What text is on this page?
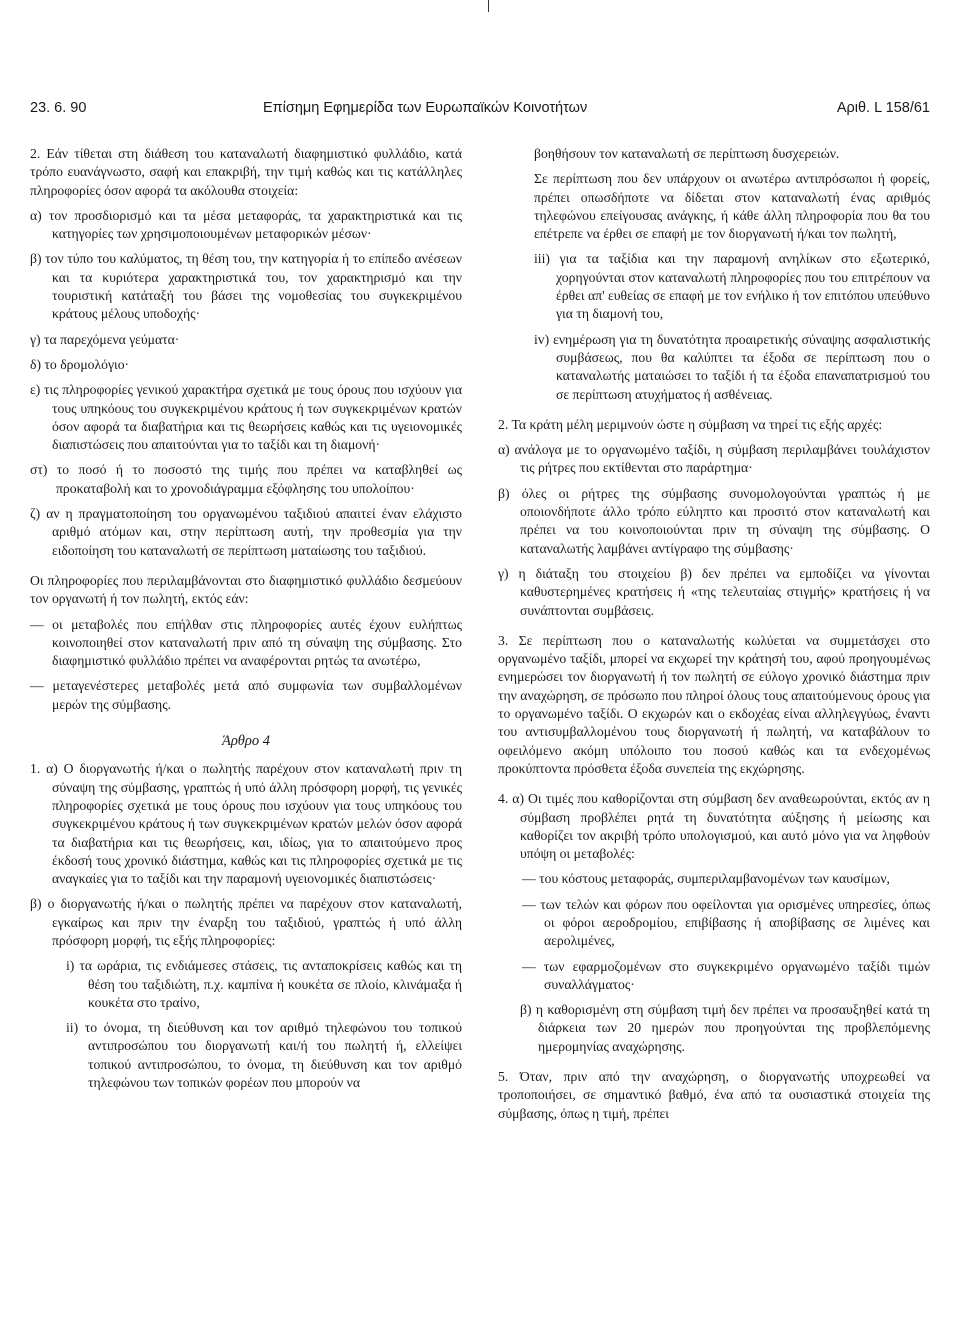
23. 6. 90	Επίσημη Εφημερίδα των Ευρωπαϊκών Κοινοτήτων	Αριθ. L 158/61

2. Εάν τίθεται στη διάθεση του καταναλωτή διαφημιστικό φυλλάδιο, κατά τρόπο ευανάγνωστο, σαφή και επακριβή, την τιμή καθώς και τις κατάλληλες πληροφορίες όσον αφορά τα ακόλουθα στοιχεία:

α) τον προσδιορισμό και τα μέσα μεταφοράς, τα χαρακτηριστικά και τις κατηγορίες των χρησιμοποιουμένων μεταφορικών μέσων·

β) τον τύπο του καλύματος, τη θέση του, την κατηγορία ή το επίπεδο ανέσεων και τα κυριότερα χαρακτηριστικά του, τον χαρακτηρισμό και την τουριστική κατάταξή του βάσει της νομοθεσίας του συγκεκριμένου κράτους μέλους υποδοχής·

γ) τα παρεχόμενα γεύματα·

δ) το δρομολόγιο·

ε) τις πληροφορίες γενικού χαρακτήρα σχετικά με τους όρους που ισχύουν για τους υπηκόους του συγκεκριμένου κράτους ή των συγκεκριμένων κρατών όσον αφορά τα διαβατήρια και τις θεωρήσεις καθώς και τις υγειονομικές διαπιστώσεις που απαιτούνται για το ταξίδι και τη διαμονή·

στ) το ποσό ή το ποσοστό της τιμής που πρέπει να καταβληθεί ως προκαταβολή και το χρονοδιάγραμμα εξόφλησης του υπολοίπου·

ζ) αν η πραγματοποίηση του οργανωμένου ταξιδιού απαιτεί έναν ελάχιστο αριθμό ατόμων και, στην περίπτωση αυτή, την προθεσμία για την ειδοποίηση του καταναλωτή σε περίπτωση ματαίωσης του ταξιδιού.

Οι πληροφορίες που περιλαμβάνονται στο διαφημιστικό φυλλάδιο δεσμεύουν τον οργανωτή ή τον πωλητή, εκτός εάν:

— οι μεταβολές που επήλθαν στις πληροφορίες αυτές έχουν ευλήπτως κοινοποιηθεί στον καταναλωτή πριν από τη σύναψη της σύμβασης. Στο διαφημιστικό φυλλάδιο πρέπει να αναφέρονται ρητώς τα ανωτέρω,

— μεταγενέστερες μεταβολές μετά από συμφωνία των συμβαλλομένων μερών της σύμβασης.

Άρθρο 4

1. α) Ο διοργανωτής ή/και ο πωλητής παρέχουν στον καταναλωτή πριν τη σύναψη της σύμβασης, γραπτώς ή υπό άλλη πρόσφορη μορφή, τις γενικές πληροφορίες σχετικά με τους όρους που ισχύουν για τους υπηκόους του συγκεκριμένου κράτους ή των συγκεκριμένων κρατών μελών όσον αφορά τα διαβατήρια και τις θεωρήσεις, και, ιδίως, για το απαιτούμενο προς έκδοσή τους χρονικό διάστημα, καθώς και τις πληροφορίες σχετικά με τις αναγκαίες για το ταξίδι και την παραμονή υγειονομικές διαπιστώσεις·

β) ο διοργανωτής ή/και ο πωλητής πρέπει να παρέχουν στον καταναλωτή, εγκαίρως και πριν την έναρξη του ταξιδιού, γραπτώς ή υπό άλλη πρόσφορη μορφή, τις εξής πληροφορίες:

i) τα ωράρια, τις ενδιάμεσες στάσεις, τις ανταποκρίσεις καθώς και τη θέση του ταξιδιώτη, π.χ. καμπίνα ή κουκέτα σε πλοίο, κλινάμαξα ή κουκέτα στο τραίνο,

ii) το όνομα, τη διεύθυνση και τον αριθμό τηλεφώνου του τοπικού αντιπροσώπου του διοργανωτή και/ή του πωλητή ή, ελλείψει τοπικού αντιπροσώπου, το όνομα, τη διεύθυνση και τον αριθμό τηλεφώνου των τοπικών φορέων που μπορούν να

βοηθήσουν τον καταναλωτή σε περίπτωση δυσχερειών.

Σε περίπτωση που δεν υπάρχουν οι ανωτέρω αντιπρόσωποι ή φορείς, πρέπει οπωσδήποτε να δίδεται στον καταναλωτή ένας αριθμός τηλεφώνου επείγουσας ανάγκης, ή κάθε άλλη πληροφορία που θα του επέτρεπε να έρθει σε επαφή με τον διοργανωτή ή/και τον πωλητή,

iii) για τα ταξίδια και την παραμονή ανηλίκων στο εξωτερικό, χορηγούνται στον καταναλωτή πληροφορίες που του επιτρέπουν να έρθει απ' ευθείας σε επαφή με τον ενήλικο ή τον επιτόπου υπεύθυνο για τη διαμονή του,

iv) ενημέρωση για τη δυνατότητα προαιρετικής σύναψης ασφαλιστικής συμβάσεως, που θα καλύπτει τα έξοδα σε περίπτωση που ο καταναλωτής ματαιώσει το ταξίδι ή τα έξοδα επαναπατρισμού του σε περίπτωση ατυχήματος ή ασθένειας.

2. Τα κράτη μέλη μεριμνούν ώστε η σύμβαση να τηρεί τις εξής αρχές:

α) ανάλογα με το οργανωμένο ταξίδι, η σύμβαση περιλαμβάνει τουλάχιστον τις ρήτρες που εκτίθενται στο παράρτημα·

β) όλες οι ρήτρες της σύμβασης συνομολογούνται γραπτώς ή με οποιονδήποτε άλλο τρόπο εύληπτο και προσιτό στον καταναλωτή και πρέπει να του κοινοποιούνται πριν τη σύναψη της σύμβασης. Ο καταναλωτής λαμβάνει αντίγραφο της σύμβασης·

γ) η διάταξη του στοιχείου β) δεν πρέπει να εμποδίζει να γίνονται καθυστερημένες κρατήσεις ή «της τελευταίας στιγμής» κρατήσεις ή να συνάπτονται συμβάσεις.

3. Σε περίπτωση που ο καταναλωτής κωλύεται να συμμετάσχει στο οργανωμένο ταξίδι, μπορεί να εκχωρεί την κράτησή του, αφού προηγουμένως ενημερώσει τον διοργανωτή ή τον πωλητή σε εύλογο χρονικό διάστημα πριν την αναχώρηση, σε πρόσωπο που πληροί όλους τους απαιτούμενους όρους για το οργανωμένο ταξίδι. Ο εκχωρών και ο εκδοχέας είναι αλληλεγγύως, έναντι του αντισυμβαλλομένου τους διοργανωτή ή πωλητή, να καταβάλουν το οφειλόμενο ακόμη υπόλοιπο του ποσού καθώς και τα ενδεχομένως προκύπτοντα πρόσθετα έξοδα συνεπεία της εκχώρησης.

4. α) Οι τιμές που καθορίζονται στη σύμβαση δεν αναθεωρούνται, εκτός αν η σύμβαση προβλέπει ρητά τη δυνατότητα αύξησης ή μείωσης και καθορίζει τον ακριβή τρόπο υπολογισμού, και αυτό μόνο για να ληφθούν υπόψη οι μεταβολές:

— του κόστους μεταφοράς, συμπεριλαμβανομένων των καυσίμων,

— των τελών και φόρων που οφείλονται για ορισμένες υπηρεσίες, όπως οι φόροι αεροδρομίου, επιβίβασης ή αποβίβασης σε λιμένες και αερολιμένες,

— των εφαρμοζομένων στο συγκεκριμένο οργανωμένο ταξίδι τιμών συναλλάγματος·

β) η καθορισμένη στη σύμβαση τιμή δεν πρέπει να προσαυξηθεί κατά τη διάρκεια των 20 ημερών που προηγούνται της προβλεπόμενης ημερομηνίας αναχώρησης.

5. Όταν, πριν από την αναχώρηση, ο διοργανωτής υποχρεωθεί να τροποποιήσει, σε σημαντικό βαθμό, ένα από τα ουσιαστικά στοιχεία της σύμβασης, όπως η τιμή, πρέπει
